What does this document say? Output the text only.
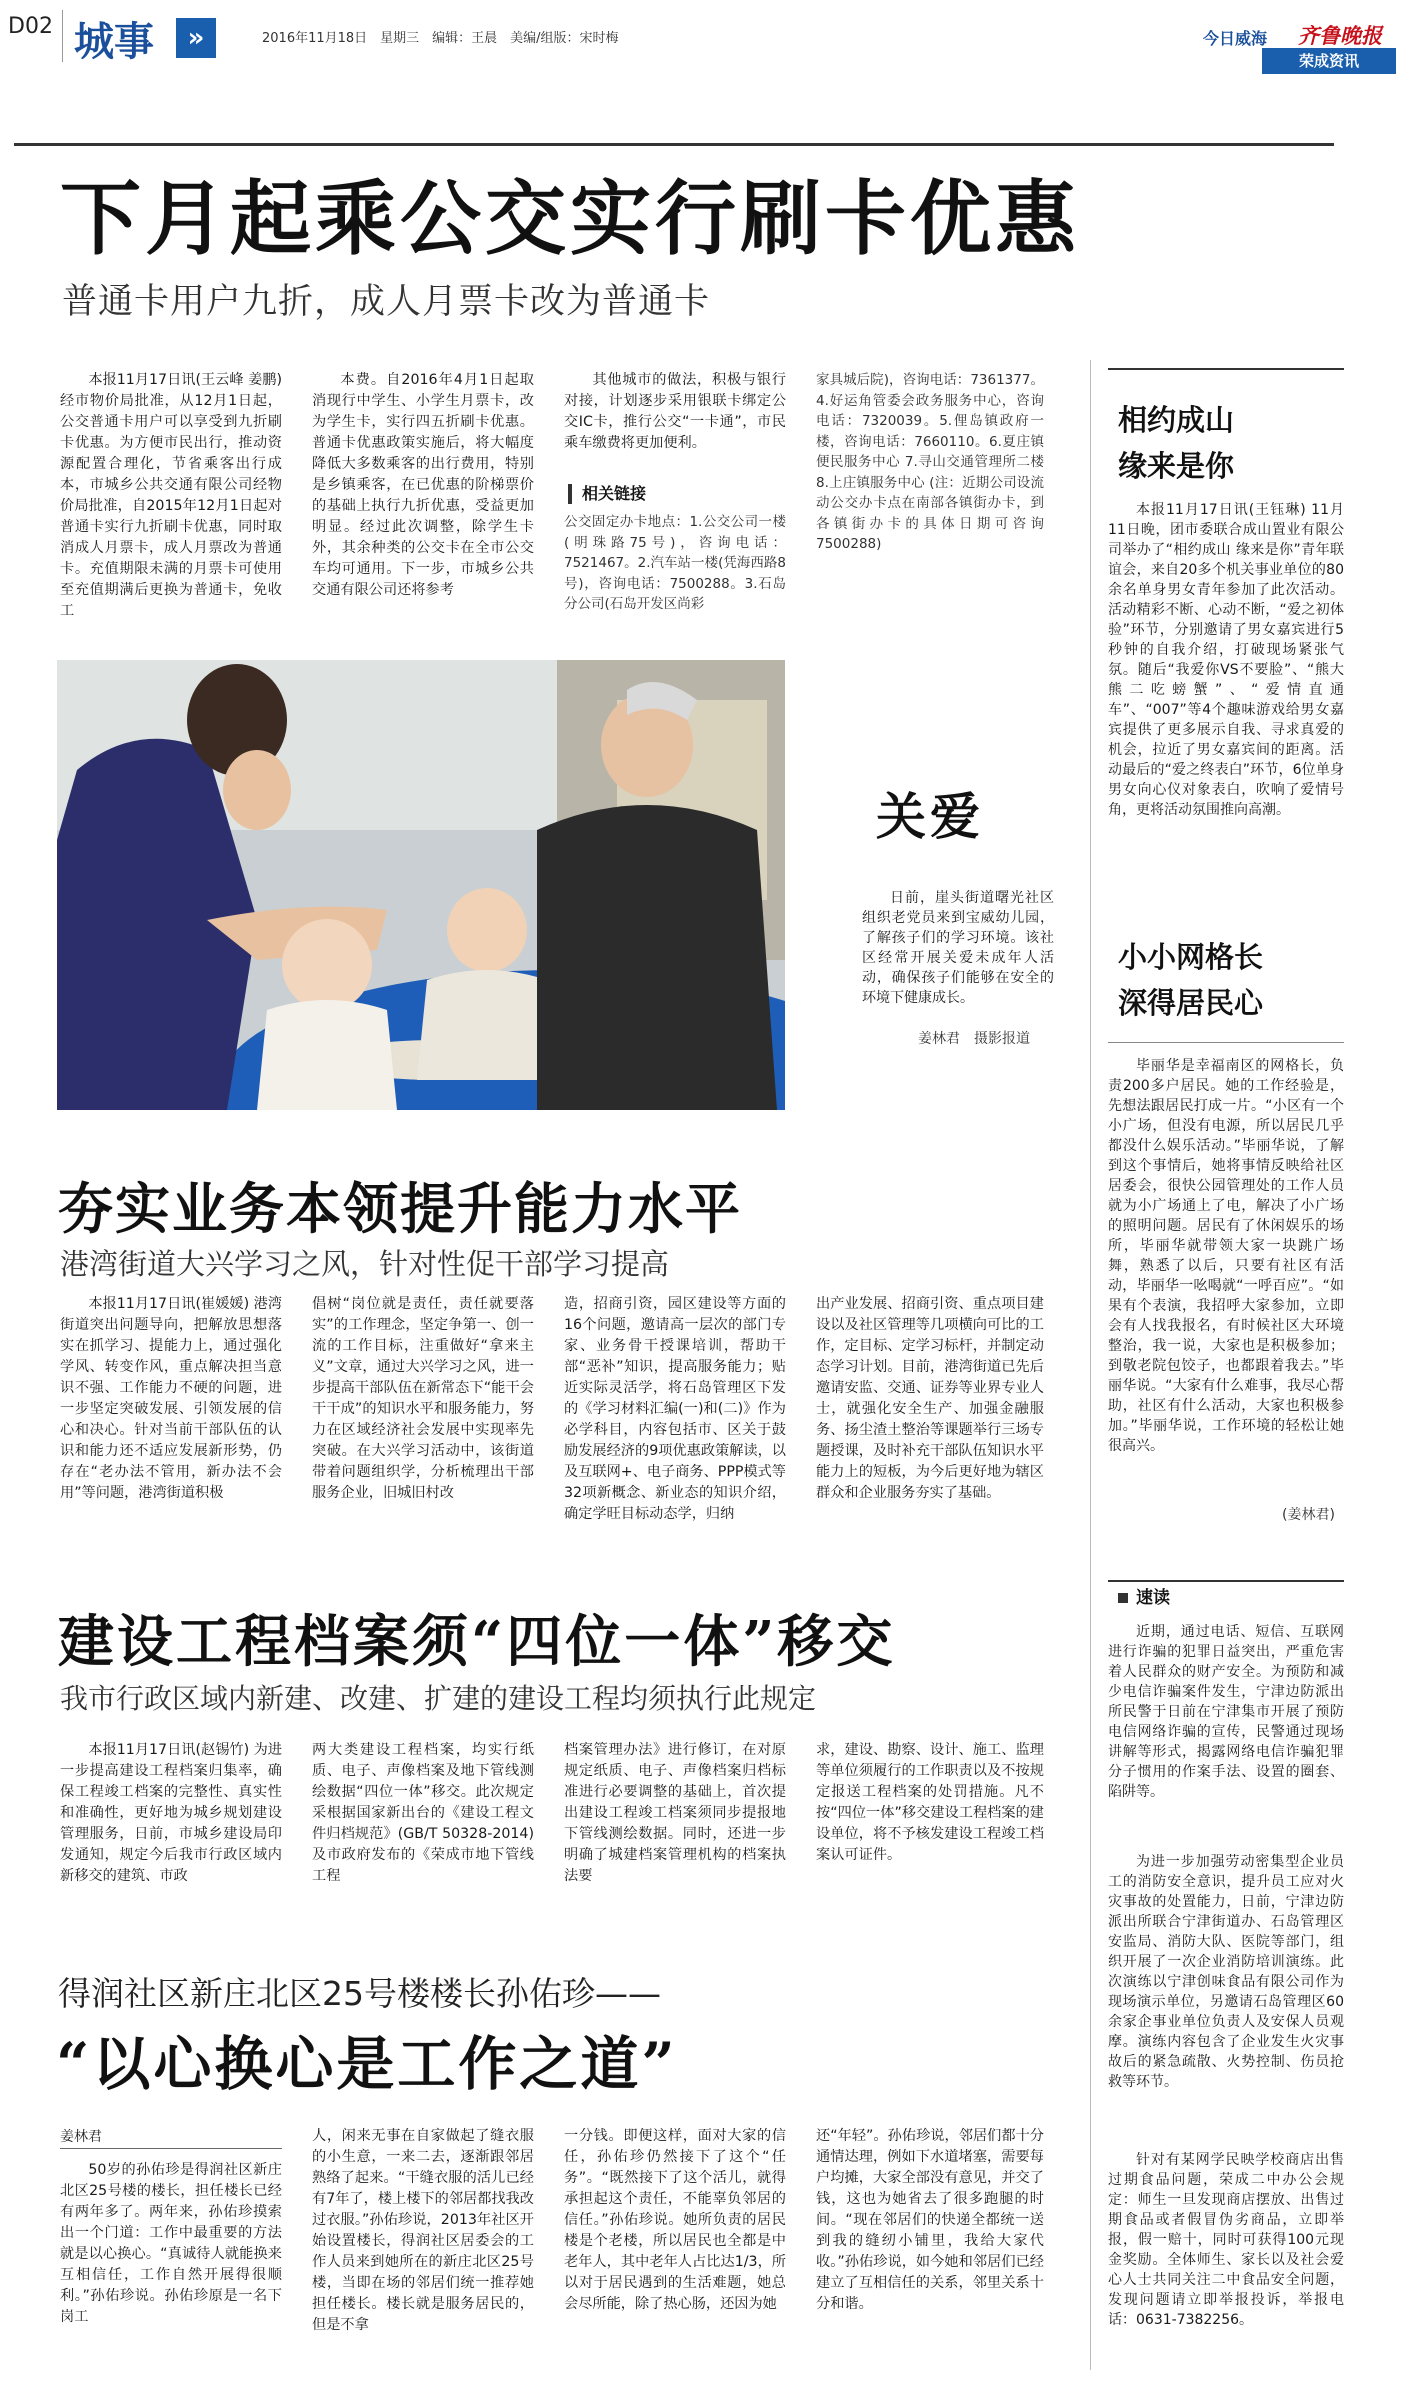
D02 城事	»	2016年11月18日　星期三　编辑：王晨　美编/组版：宋时梅	今日威海 齐鲁晚报
荣成资讯
下月起乘公交实行刷卡优惠
普通卡用户九折，成人月票卡改为普通卡

本报11月17日讯(王云峰 姜鹏) 经市物价局批准，从12月1日起，公交普通卡用户可以享受到九折刷卡优惠。为方便市民出行，推动资源配置合理化，节省乘客出行成本，市城乡公共交通有限公司经物价局批准，自2015年12月1日起对普通卡实行九折刷卡优惠，同时取消成人月票卡，成人月票改为普通卡。充值期限未满的月票卡可使用至充值期满后更换为普通卡，免收工

本费。自2016年4月1日起取消现行中学生、小学生月票卡，改为学生卡，实行四五折刷卡优惠。普通卡优惠政策实施后，将大幅度降低大多数乘客的出行费用，特别是乡镇乘客，在已优惠的阶梯票价的基础上执行九折优惠，受益更加明显。经过此次调整，除学生卡外，其余种类的公交卡在全市公交车均可通用。下一步，市城乡公共交通有限公司还将参考

其他城市的做法，积极与银行对接，计划逐步采用银联卡绑定公交IC卡，推行公交“一卡通”，市民乘车缴费将更加便利。

相关链接

公交固定办卡地点：1.公交公司一楼(明珠路75号)，咨询电话：7521467。2.汽车站一楼(凭海西路8号)，咨询电话：7500288。3.石岛分公司(石岛开发区尚彩

家具城后院)，咨询电话：7361377。4.好运角管委会政务服务中心，咨询电话：7320039。5.俚岛镇政府一楼，咨询电话：7660110。6.夏庄镇便民服务中心 7.寻山交通管理所二楼 8.上庄镇服务中心 (注：近期公司设流动公交办卡点在南部各镇街办卡，到各镇街办卡的具体日期可咨询7500288)

关爱

日前，崖头街道曙光社区组织老党员来到宝威幼儿园，了解孩子们的学习环境。该社区经常开展关爱未成年人活动，确保孩子们能够在安全的环境下健康成长。

姜林君　摄影报道
夯实业务本领提升能力水平
港湾街道大兴学习之风，针对性促干部学习提高

本报11月17日讯(崔媛媛) 港湾街道突出问题导向，把解放思想落实在抓学习、提能力上，通过强化学风、转变作风，重点解决担当意识不强、工作能力不硬的问题，进一步坚定突破发展、引领发展的信心和决心。针对当前干部队伍的认识和能力还不适应发展新形势，仍存在“老办法不管用，新办法不会用”等问题，港湾街道积极

倡树“岗位就是责任，责任就要落实”的工作理念，坚定争第一、创一流的工作目标，注重做好“拿来主义”文章，通过大兴学习之风，进一步提高干部队伍在新常态下“能干会干干成”的知识水平和服务能力，努力在区域经济社会发展中实现率先突破。在大兴学习活动中，该街道带着问题组织学，分析梳理出干部服务企业，旧城旧村改

造，招商引资，园区建设等方面的16个问题，邀请高一层次的部门专家、业务骨干授课培训，帮助干部“恶补”知识，提高服务能力；贴近实际灵活学，将石岛管理区下发的《学习材料汇编(一)和(二)》作为必学科目，内容包括市、区关于鼓励发展经济的9项优惠政策解读，以及互联网+、电子商务、PPP模式等32项新概念、新业态的知识介绍，确定学旺目标动态学，归纳

出产业发展、招商引资、重点项目建设以及社区管理等几项横向可比的工作，定目标、定学习标杆，并制定动态学习计划。目前，港湾街道已先后邀请安监、交通、证券等业界专业人士，就强化安全生产、加强金融服务、扬尘渣土整治等课题举行三场专题授课，及时补充干部队伍知识水平能力上的短板，为今后更好地为辖区群众和企业服务夯实了基础。

建设工程档案须“四位一体”移交
我市行政区域内新建、改建、扩建的建设工程均须执行此规定

本报11月17日讯(赵锡竹) 为进一步提高建设工程档案归集率，确保工程竣工档案的完整性、真实性和准确性，更好地为城乡规划建设管理服务，日前，市城乡建设局印发通知，规定今后我市行政区域内新移交的建筑、市政

两大类建设工程档案，均实行纸质、电子、声像档案及地下管线测绘数据“四位一体”移交。此次规定采根据国家新出台的《建设工程文件归档规范》(GB/T 50328-2014)及市政府发布的《荣成市地下管线工程

档案管理办法》进行修订，在对原规定纸质、电子、声像档案归档标准进行必要调整的基础上，首次提出建设工程竣工档案须同步提报地下管线测绘数据。同时，还进一步明确了城建档案管理机构的档案执法要

求，建设、勘察、设计、施工、监理等单位须履行的工作职责以及不按规定报送工程档案的处罚措施。凡不按“四位一体”移交建设工程档案的建设单位，将不予核发建设工程竣工档案认可证件。

得润社区新庄北区25号楼楼长孙佑珍——
“以心换心是工作之道”
姜林君

50岁的孙佑珍是得润社区新庄北区25号楼的楼长，担任楼长已经有两年多了。两年来，孙佑珍摸索出一个门道：工作中最重要的方法就是以心换心。“真诚待人就能换来互相信任，工作自然开展得很顺利。”孙佑珍说。孙佑珍原是一名下岗工

人，闲来无事在自家做起了缝衣服的小生意，一来二去，逐渐跟邻居熟络了起来。“干缝衣服的活儿已经有7年了，楼上楼下的邻居都找我改过衣服。”孙佑珍说，2013年社区开始设置楼长，得润社区居委会的工作人员来到她所在的新庄北区25号楼，当即在场的邻居们统一推荐她担任楼长。楼长就是服务居民的，但是不拿

一分钱。即便这样，面对大家的信任，孙佑珍仍然接下了这个“任务”。“既然接下了这个活儿，就得承担起这个责任，不能辜负邻居的信任。”孙佑珍说。她所负责的居民楼是个老楼，所以居民也全都是中老年人，其中老年人占比达1/3，所以对于居民遇到的生活难题，她总会尽所能，除了热心肠，还因为她

还“年轻”。孙佑珍说，邻居们都十分通情达理，例如下水道堵塞，需要每户均摊，大家全部没有意见，并交了钱，这也为她省去了很多跑腿的时间。“现在邻居们的快递全都统一送到我的缝纫小铺里，我给大家代收。”孙佑珍说，如今她和邻居们已经建立了互相信任的关系，邻里关系十分和谐。

相约成山
缘来是你

本报11月17日讯(王钰琳) 11月11日晚，团市委联合成山置业有限公司举办了“相约成山 缘来是你”青年联谊会，来自20多个机关事业单位的80余名单身男女青年参加了此次活动。活动精彩不断、心动不断，“爱之初体验”环节，分别邀请了男女嘉宾进行5秒钟的自我介绍，打破现场紧张气氛。随后“我爱你VS不要脸”、“熊大熊二吃螃蟹”、“爱情直通车”、“007”等4个趣味游戏给男女嘉宾提供了更多展示自我、寻求真爱的机会，拉近了男女嘉宾间的距离。活动最后的“爱之终表白”环节，6位单身男女向心仪对象表白，吹响了爱情号角，更将活动氛围推向高潮。

小小网格长
深得居民心

毕丽华是幸福南区的网格长，负责200多户居民。她的工作经验是，先想法跟居民打成一片。“小区有一个小广场，但没有电源，所以居民几乎都没什么娱乐活动。”毕丽华说，了解到这个事情后，她将事情反映给社区居委会，很快公园管理处的工作人员就为小广场通上了电，解决了小广场的照明问题。居民有了休闲娱乐的场所，毕丽华就带领大家一块跳广场舞，熟悉了以后，只要有社区有活动，毕丽华一吆喝就“一呼百应”。“如果有个表演，我招呼大家参加，立即会有人找我报名，有时候社区大环境整治，我一说，大家也是积极参加；到敬老院包饺子，也都跟着我去。”毕丽华说。“大家有什么难事，我尽心帮助，社区有什么活动，大家也积极参加。”毕丽华说，工作环境的轻松让她很高兴。

(姜林君)
速读

近期，通过电话、短信、互联网进行诈骗的犯罪日益突出，严重危害着人民群众的财产安全。为预防和减少电信诈骗案件发生，宁津边防派出所民警于日前在宁津集市开展了预防电信网络诈骗的宣传，民警通过现场讲解等形式，揭露网络电信诈骗犯罪分子惯用的作案手法、设置的圈套、陷阱等。

为进一步加强劳动密集型企业员工的消防安全意识，提升员工应对火灾事故的处置能力，日前，宁津边防派出所联合宁津街道办、石岛管理区安监局、消防大队、医院等部门，组织开展了一次企业消防培训演练。此次演练以宁津创味食品有限公司作为现场演示单位，另邀请石岛管理区60余家企事业单位负责人及安保人员观摩。演练内容包含了企业发生火灾事故后的紧急疏散、火势控制、伤员抢救等环节。

针对有某网学民映学校商店出售过期食品问题，荣成二中办公会规定：师生一旦发现商店摆放、出售过期食品或者假冒伪劣商品，立即举报，假一赔十，同时可获得100元现金奖励。全体师生、家长以及社会爱心人士共同关注二中食品安全问题，发现问题请立即举报投诉，举报电话：0631-7382256。
